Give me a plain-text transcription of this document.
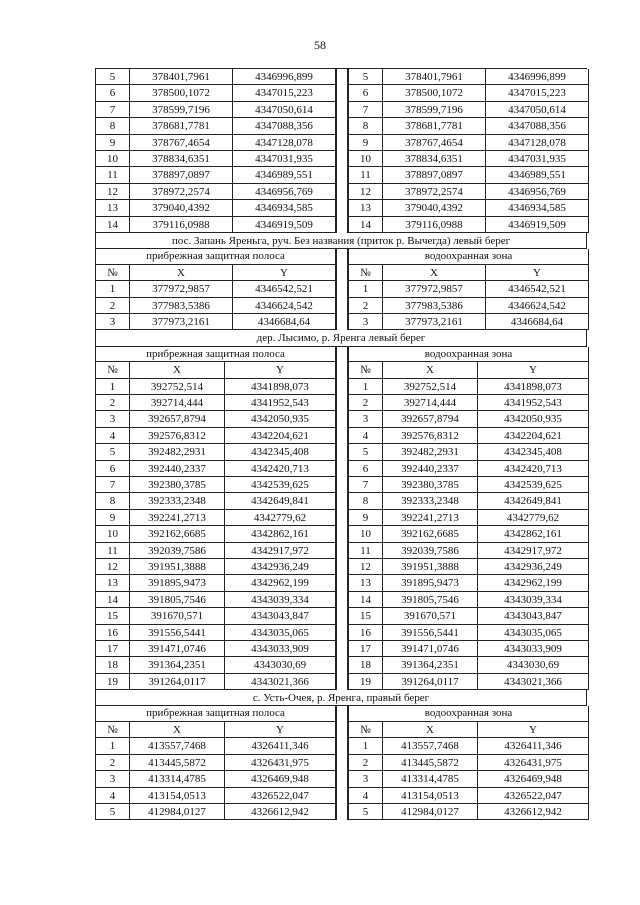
58
5	378401,7961	4346996,899
6	378500,1072	4347015,223
7	378599,7196	4347050,614
8	378681,7781	4347088,356
9	378767,4654	4347128,078
10	378834,6351	4347031,935
11	378897,0897	4346989,551
12	378972,2574	4346956,769
13	379040,4392	4346934,585
14	379116,0988	4346919,509
5	378401,7961	4346996,899
6	378500,1072	4347015,223
7	378599,7196	4347050,614
8	378681,7781	4347088,356
9	378767,4654	4347128,078
10	378834,6351	4347031,935
11	378897,0897	4346989,551
12	378972,2574	4346956,769
13	379040,4392	4346934,585
14	379116,0988	4346919,509
пос. Запань Яреньга, руч. Без названия (приток р. Вычегда) левый берег
прибрежная защитная полоса
№	X	Y
1	377972,9857	4346542,521
2	377983,5386	4346624,542
3	377973,2161	4346684,64
водоохранная зона
№	X	Y
1	377972,9857	4346542,521
2	377983,5386	4346624,542
3	377973,2161	4346684,64
дер. Лысимо, р. Яренга левый берег
прибрежная защитная полоса
№	X	Y
1	392752,514	4341898,073
2	392714,444	4341952,543
3	392657,8794	4342050,935
4	392576,8312	4342204,621
5	392482,2931	4342345,408
6	392440,2337	4342420,713
7	392380,3785	4342539,625
8	392333,2348	4342649,841
9	392241,2713	4342779,62
10	392162,6685	4342862,161
11	392039,7586	4342917,972
12	391951,3888	4342936,249
13	391895,9473	4342962,199
14	391805,7546	4343039,334
15	391670,571	4343043,847
16	391556,5441	4343035,065
17	391471,0746	4343033,909
18	391364,2351	4343030,69
19	391264,0117	4343021,366
водоохранная зона
№	X	Y
1	392752,514	4341898,073
2	392714,444	4341952,543
3	392657,8794	4342050,935
4	392576,8312	4342204,621
5	392482,2931	4342345,408
6	392440,2337	4342420,713
7	392380,3785	4342539,625
8	392333,2348	4342649,841
9	392241,2713	4342779,62
10	392162,6685	4342862,161
11	392039,7586	4342917,972
12	391951,3888	4342936,249
13	391895,9473	4342962,199
14	391805,7546	4343039,334
15	391670,571	4343043,847
16	391556,5441	4343035,065
17	391471,0746	4343033,909
18	391364,2351	4343030,69
19	391264,0117	4343021,366
с. Усть-Очея, р. Яренга, правый берег
прибрежная защитная полоса
№	X	Y
1	413557,7468	4326411,346
2	413445,5872	4326431,975
3	413314,4785	4326469,948
4	413154,0513	4326522,047
5	412984,0127	4326612,942
водоохранная зона
№	X	Y
1	413557,7468	4326411,346
2	413445,5872	4326431,975
3	413314,4785	4326469,948
4	413154,0513	4326522,047
5	412984,0127	4326612,942
